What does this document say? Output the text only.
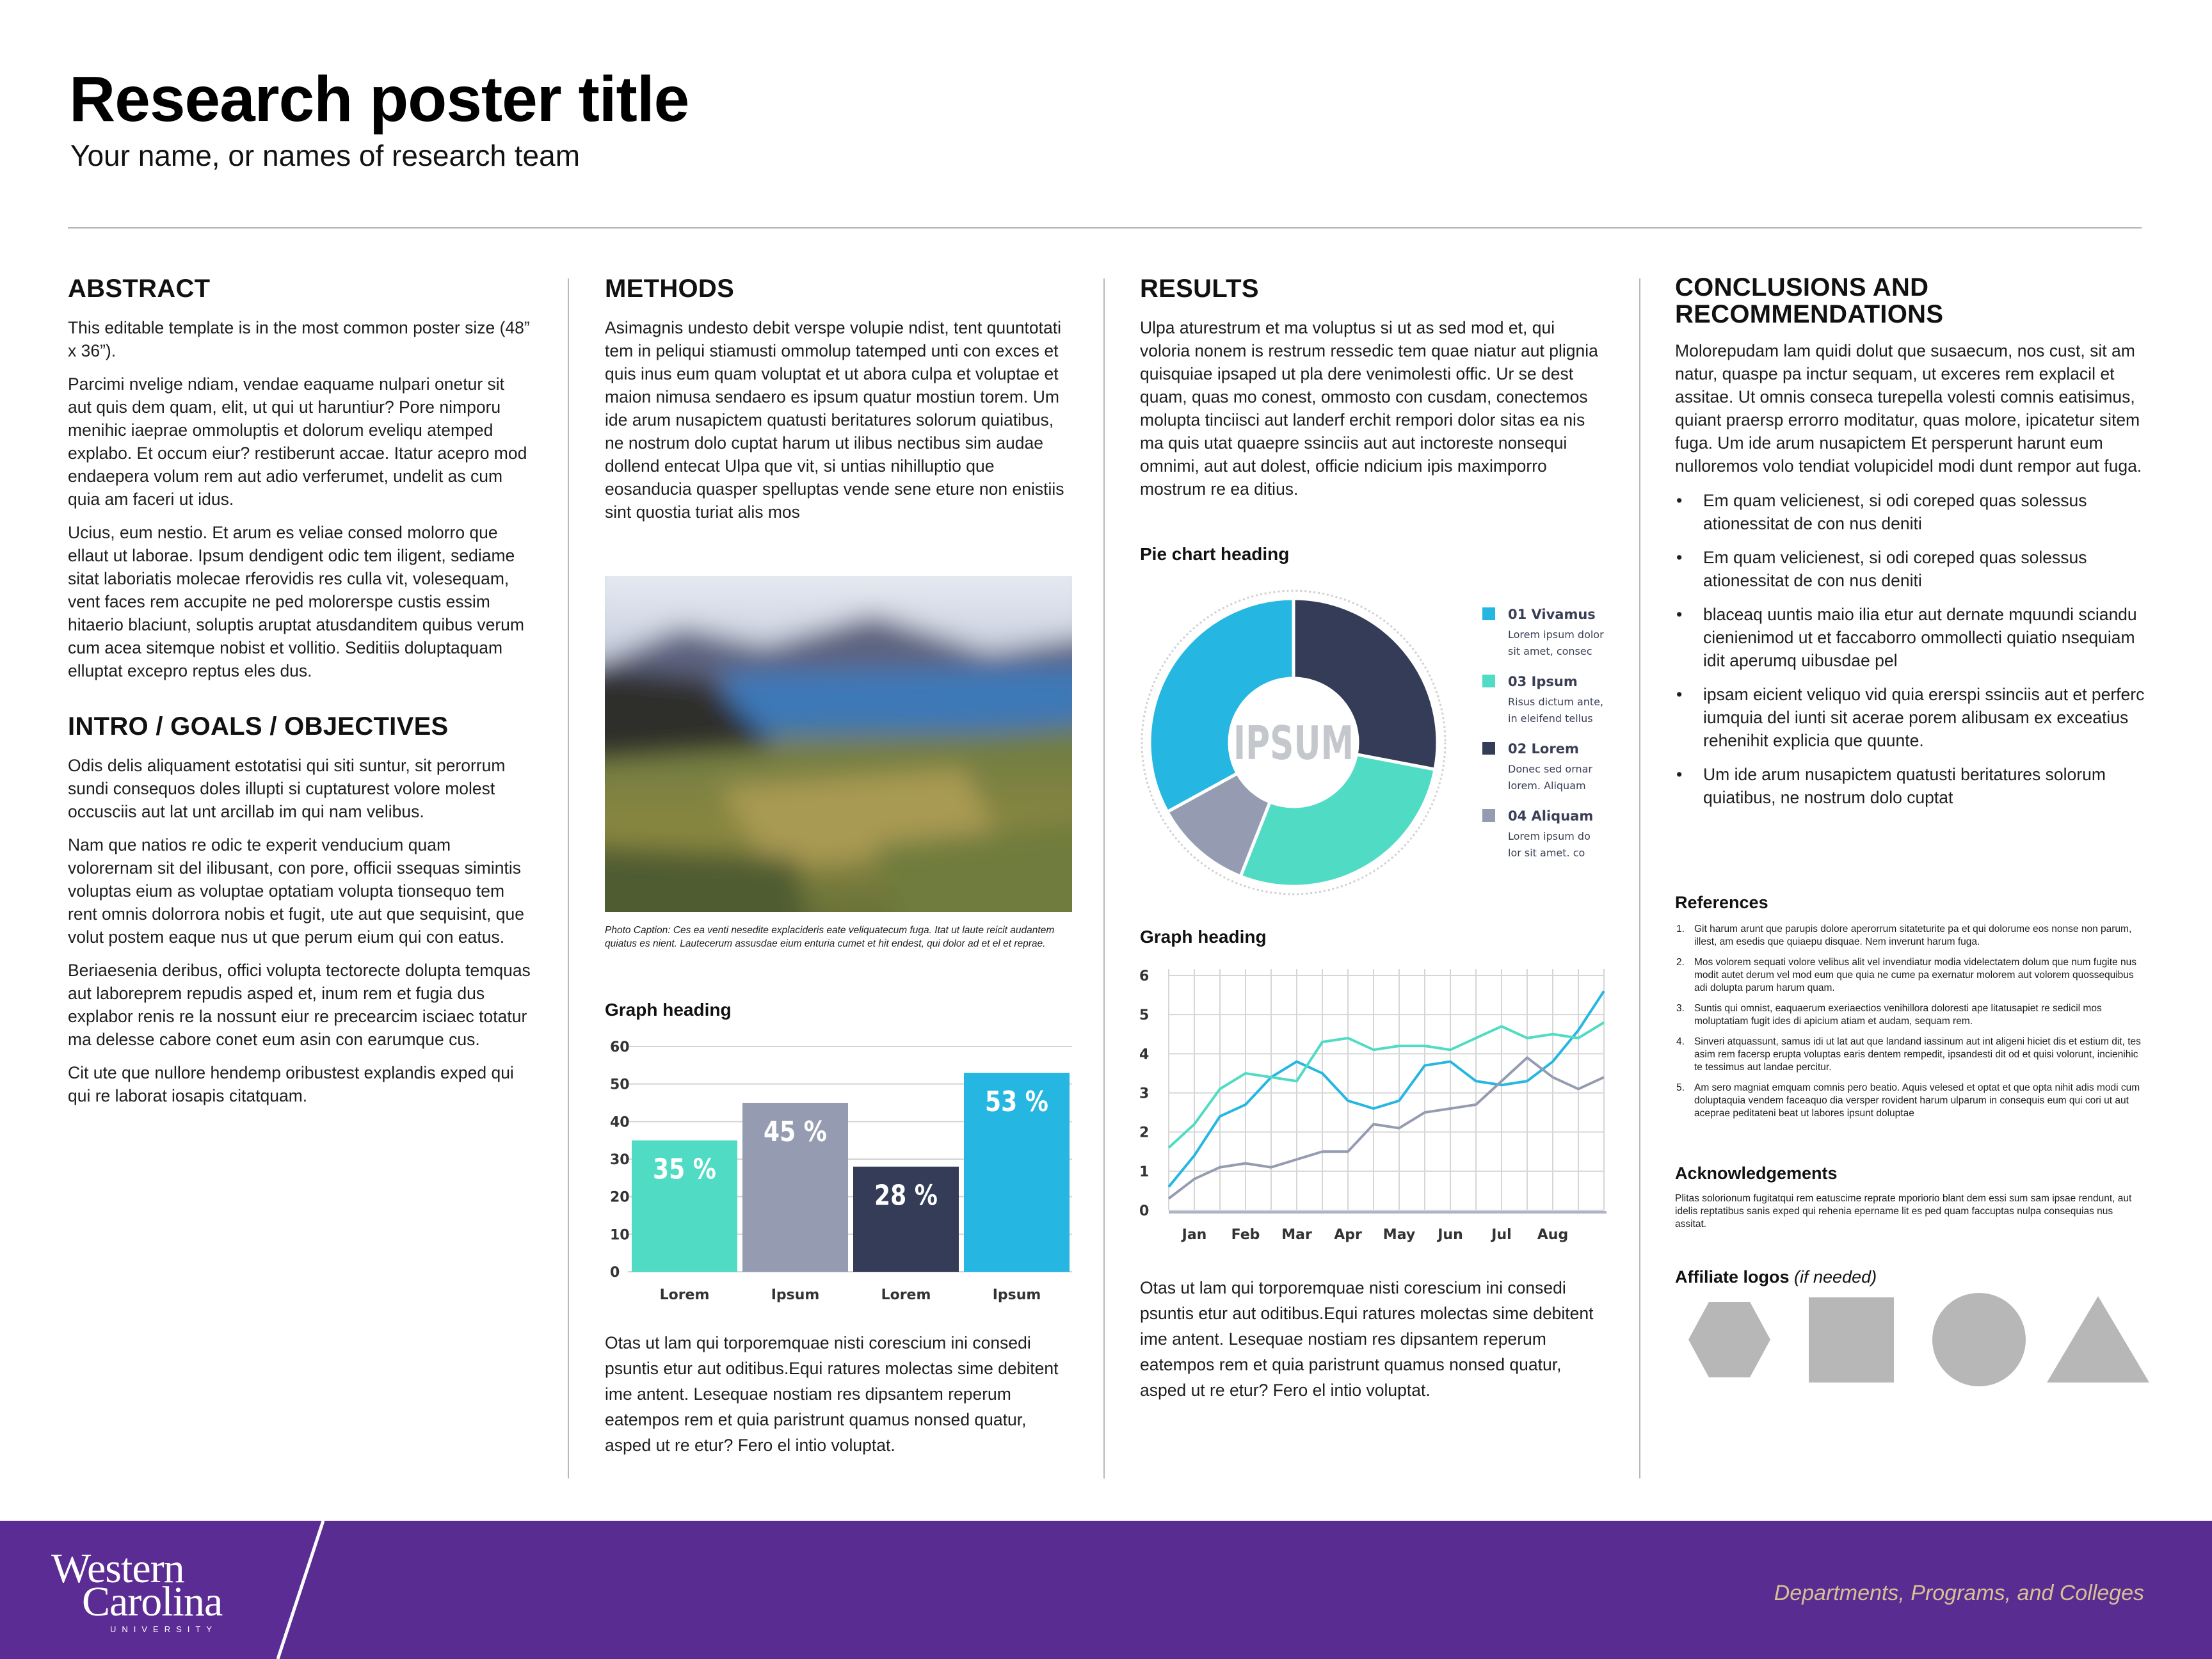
Research poster title
Your name, or names of research team
ABSTRACT

This editable template is in the most common poster size (48” x 36”).

Parcimi nvelige ndiam, vendae eaquame nulpari onetur sit aut quis dem quam, elit, ut qui ut haruntiur? Pore nimporu menihic iaeprae ommoluptis et dolorum eveliqu atemped explabo. Et occum eiur? restiberunt accae. Itatur acepro mod endaepera volum rem aut adio verferumet, undelit as cum quia am faceri ut idus.

Ucius, eum nestio. Et arum es veliae consed molorro que ellaut ut laborae. Ipsum dendigent odic tem iligent, sediame sitat laboriatis molecae rferovidis res culla vit, volesequam, vent faces rem accupite ne ped molorerspe custis essim hitaerio blaciunt, soluptis aruptat atusdanditem quibus verum cum acea sitemque nobist et vollitio. Seditiis doluptaquam elluptat excepro reptus eles dus.

INTRO / GOALS / OBJECTIVES

Odis delis aliquament estotatisi qui siti suntur, sit perorrum sundi consequos doles illupti si cuptaturest volore molest occusciis aut lat unt arcillab im qui nam velibus.

Nam que natios re odic te experit venducium quam volorernam sit del ilibusant, con pore, officii ssequas simintis voluptas eium as voluptae optatiam volupta tionsequo tem rent omnis dolorrora nobis et fugit, ute aut que sequisint, que volut postem eaque nus ut que perum eium qui con eatus.

Beriaesenia deribus, offici volupta tectorecte dolupta temquas aut laboreprem repudis asped et, inum rem et fugia dus explabor renis re la nossunt eiur re precearcim isciaec totatur ma delesse cabore conet eum asin con earumque cus.

Cit ute que nullore hendemp oribustest explandis exped qui qui re laborat iosapis citatquam.

METHODS

Asimagnis undesto debit verspe volupie ndist, tent quuntotati tem in peliqui stiamusti ommolup tatemped unti con exces et quis inus eum quam voluptat et ut abora culpa et voluptae et maion nimusa sendaero es ipsum quatur mostiun torem. Um ide arum nusapictem quatusti beritatures solorum quiatibus, ne nostrum dolo cuptat harum ut ilibus nectibus sim audae dollend entecat Ulpa que vit, si untias nihilluptio que eosanducia quasper spelluptas vende sene eture non enistiis sint quostia turiat alis mos

Photo Caption: Ces ea venti nesedite explacideris eate veliquatecum fuga. Itat ut laute reicit audantem quiatus es nient. Lautecerum assusdae eium enturia cumet et hit endest, qui dolor ad et el et reprae.
Graph heading
0
10
20
30
40
50
60
35 %
Lorem
45 %
Ipsum
28 %
Lorem
53 %
Ipsum

Otas ut lam qui torporemquae nisti corescium ini consedi psuntis etur aut oditibus.Equi ratures molectas sime debitent ime antent. Lesequae nostiam res dipsantem reperum eatempos rem et quia paristrunt quamus nonsed quatur, asped ut re etur? Fero el intio voluptat.

RESULTS

Ulpa aturestrum et ma voluptus si ut as sed mod et, qui voloria nonem is restrum ressedic tem quae niatur aut plignia quisquiae ipsaped ut pla dere venimolesti offic. Ur se dest quam, quas mo conest, ommosto con cusdam, conectemos molupta tinciisci aut landerf erchit rempori dolor sitas ea nis ma quis utat quaepre ssinciis aut aut inctoreste nonsequi omnimi, aut aut dolest, officie ndicium ipis maximporro mostrum re ea ditius.

Pie chart heading
IPSUM
01 Vivamus
Lorem ipsum dolor
sit amet, consec
03 Ipsum
Risus dictum ante,
in eleifend tellus
02 Lorem
Donec sed ornar
lorem. Aliquam
04 Aliquam
Lorem ipsum do
lor sit amet. co
Graph heading
0
1
2
3
4
5
6
Jan Feb Mar Apr May Jun Jul Aug

Otas ut lam qui torporemquae nisti corescium ini consedi psuntis etur aut oditibus.Equi ratures molectas sime debitent ime antent. Lesequae nostiam res dipsantem reperum eatempos rem et quia paristrunt quamus nonsed quatur, asped ut re etur? Fero el intio voluptat.

CONCLUSIONS AND
RECOMMENDATIONS

Molorepudam lam quidi dolut que susaecum, nos cust, sit am natur, quaspe pa inctur sequam, ut exceres rem explacil et assitae. Ut omnis conseca turepella volesti comnis eatisimus, quiant praersp errorro moditatur, quas molore, ipicatetur sitem fuga. Um ide arum nusapictem Et persperunt harunt eum nulloremos volo tendiat volupicidel modi dunt rempor aut fuga.

• Em quam velicienest, si odi coreped quas solessus ationessitat de con nus deniti
• Em quam velicienest, si odi coreped quas solessus ationessitat de con nus deniti
• blaceaq uuntis maio ilia etur aut dernate mquundi sciandu cienienimod ut et faccaborro ommollecti quiatio nsequiam idit aperumq uibusdae pel
• ipsam eicient veliquo vid quia ererspi ssinciis aut et perferc iumquia del iunti sit acerae porem alibusam ex exceatius rehenihit explicia que quunte.
• Um ide arum nusapictem quatusti beritatures solorum quiatibus, ne nostrum dolo cuptat
References
1. Git harum arunt que parupis dolore aperorrum sitateturite pa et qui dolorume eos nonse non parum, illest, am esedis que quiaepu disquae. Nem inverunt harum fuga.
2. Mos volorem sequati volore velibus alit vel invendiatur modia videlectatem dolum que num fugite nus modit autet derum vel mod eum que quia ne cume pa exernatur molorem aut volorem quossequibus adi dolupta parum harum quam.
3. Suntis qui omnist, eaquaerum exeriaectios venihillora doloresti ape litatusapiet re sedicil mos moluptatiam fugit ides di apicium atiam et audam, sequam rem.
4. Sinveri atquassunt, samus idi ut lat aut que landand iassinum aut int aligeni hiciet dis et estium dit, tes asim rem facersp erupta voluptas earis dentem rempedit, ipsandesti dit od et quisi volorunt, incienihic te tessimus aut landae percitur.
5. Am sero magniat emquam comnis pero beatio. Aquis velesed et optat et que opta nihit adis modi cum doluptaquia vendem faceaquo dia versper rovident harum ulparum in consequis eum qui cori ut aut aceprae peditateni beat ut labores ipsunt doluptae
Acknowledgements
Plitas solorionum fugitatqui rem eatuscime reprate mporiorio blant dem essi sum sam ipsae rendunt, aut idelis reptatibus sanis exped qui rehenia epername lit es ped quam faccuptas nulpa consequias nus assitat.
Affiliate logos (if needed)
Western
Carolina
UNIVERSITY
Departments, Programs, and Colleges
